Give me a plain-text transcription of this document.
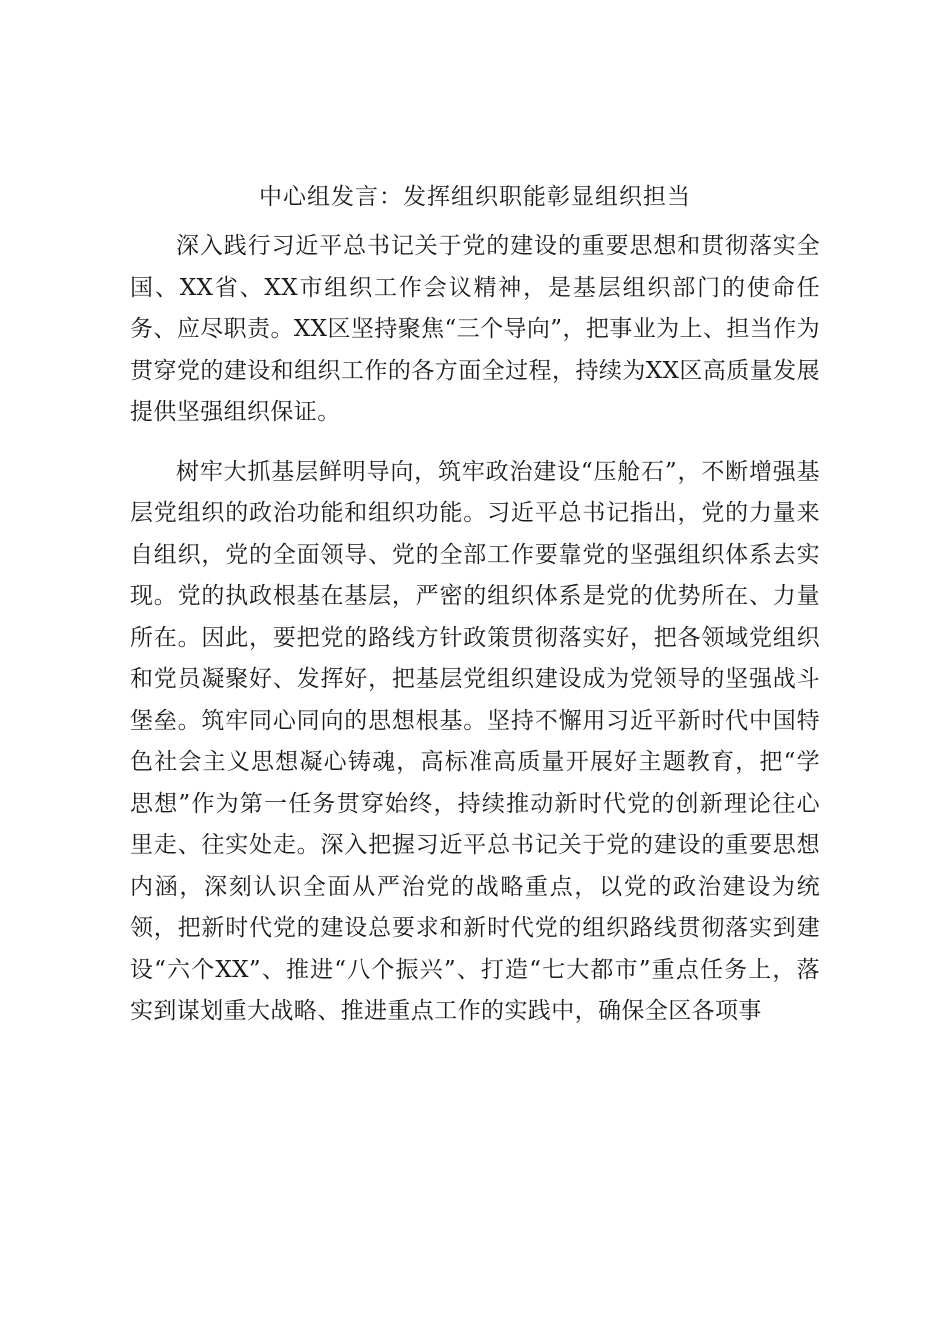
中心组发言：发挥组织职能彰显组织担当

深入践行习近平总书记关于党的建设的重要思想和贯彻落实全国、XX省、XX市组织工作会议精神，是基层组织部门的使命任务、应尽职责。XX区坚持聚焦“三个导向”，把事业为上、担当作为贯穿党的建设和组织工作的各方面全过程，持续为XX区高质量发展提供坚强组织保证。

树牢大抓基层鲜明导向，筑牢政治建设“压舱石”，不断增强基层党组织的政治功能和组织功能。习近平总书记指出，党的力量来自组织，党的全面领导、党的全部工作要靠党的坚强组织体系去实现。党的执政根基在基层，严密的组织体系是党的优势所在、力量所在。因此，要把党的路线方针政策贯彻落实好，把各领域党组织和党员凝聚好、发挥好，把基层党组织建设成为党领导的坚强战斗堡垒。筑牢同心同向的思想根基。坚持不懈用习近平新时代中国特色社会主义思想凝心铸魂，高标准高质量开展好主题教育，把“学思想”作为第一任务贯穿始终，持续推动新时代党的创新理论往心里走、往实处走。深入把握习近平总书记关于党的建设的重要思想内涵，深刻认识全面从严治党的战略重点，以党的政治建设为统领，把新时代党的建设总要求和新时代党的组织路线贯彻落实到建设“六个XX”、推进“八个振兴”、打造“七大都市”重点任务上，落实到谋划重大战略、推进重点工作的实践中，确保全区各项事
